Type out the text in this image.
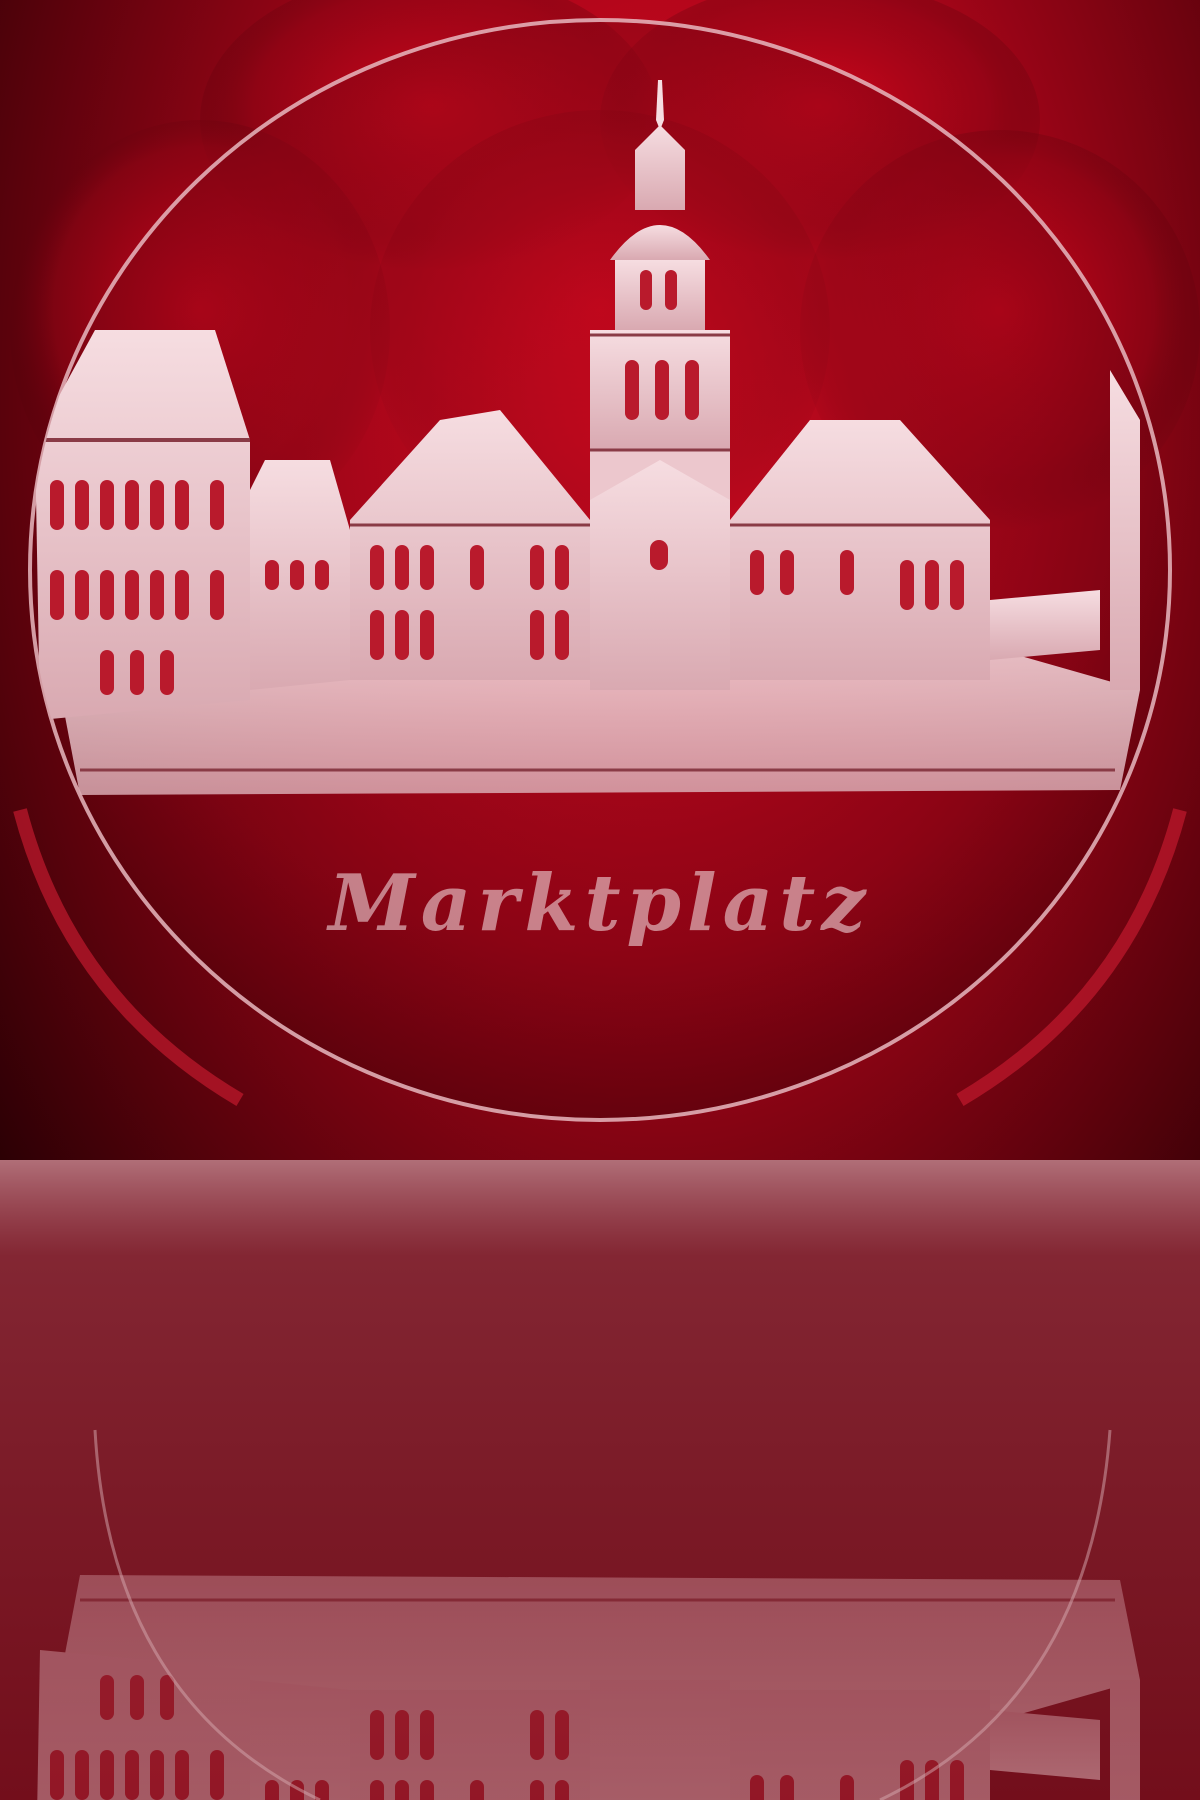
Marktplatz
